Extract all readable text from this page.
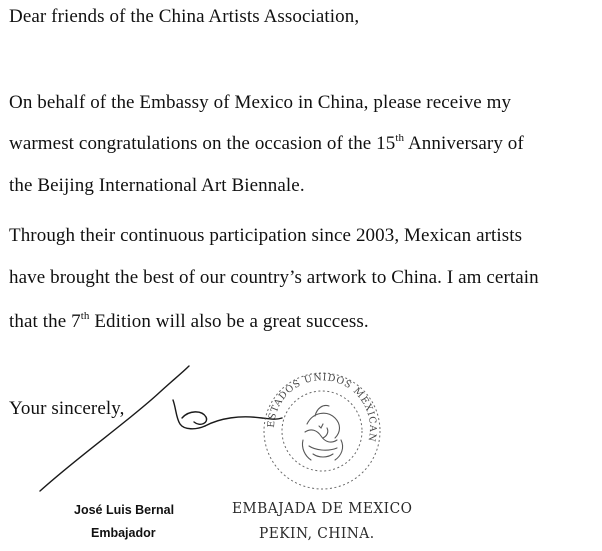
Dear friends of the China Artists Association,

On behalf of the Embassy of Mexico in China, please receive my

warmest congratulations on the occasion of the 15th Anniversary of

the Beijing International Art Biennale.

Through their continuous participation since 2003, Mexican artists

have brought the best of our country’s artwork to China. I am certain

that the 7th Edition will also be a great success.

Your sincerely,

ESTADOS UNIDOS MEXICANOS
José Luis Bernal
Embajador
EMBAJADA DE MEXICO
PEKIN, CHINA.
